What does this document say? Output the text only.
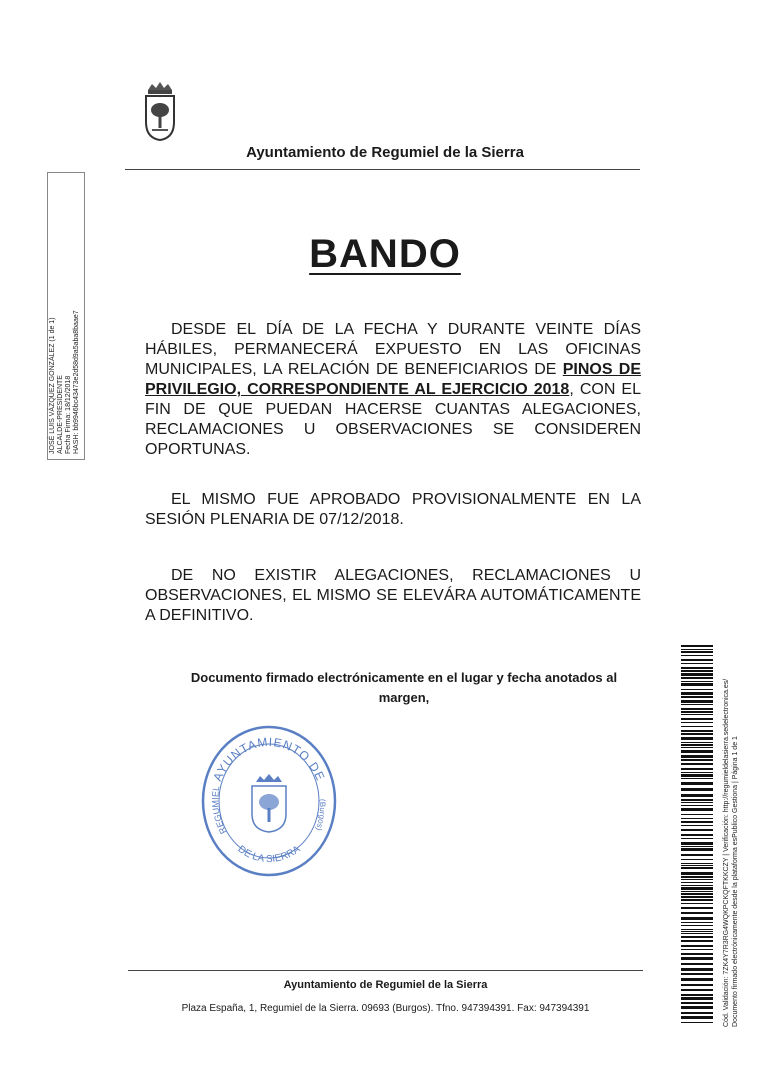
Ayuntamiento de Regumiel de la Sierra
JOSÉ LUIS VÁZQUEZ GONZÁLEZ (1 de 1) ALCALDE-PRESIDENTE Fecha Firma: 18/12/2018 HASH: bb9946bc43473e2d58d9a5aba8baae7
BANDO
DESDE EL DÍA DE LA FECHA Y DURANTE VEINTE DÍAS HÁBILES, PERMANECERÁ EXPUESTO EN LAS OFICINAS MUNICIPALES, LA RELACIÓN DE BENEFICIARIOS DE PINOS DE PRIVILEGIO, CORRESPONDIENTE AL EJERCICIO 2018, CON EL FIN DE QUE PUEDAN HACERSE CUANTAS ALEGACIONES, RECLAMACIONES U OBSERVACIONES SE CONSIDEREN OPORTUNAS.
EL MISMO FUE APROBADO PROVISIONALMENTE EN LA SESIÓN PLENARIA DE 07/12/2018.
DE NO EXISTIR ALEGACIONES, RECLAMACIONES U OBSERVACIONES, EL MISMO SE ELEVÁRA AUTOMÁTICAMENTE A DEFINITIVO.
Documento firmado electrónicamente en el lugar y fecha anotados al margen,
AYUNTAMIENTO DE
REGUMIEL
DE LA SIERRA
(Burgos)
Ayuntamiento de Regumiel de la Sierra
Plaza España, 1, Regumiel de la Sierra. 09693 (Burgos). Tfno. 947394391. Fax: 947394391	Cód. Validación: 7ZK4Y7R3RG4WQKPCKQFTKKCZY | Verificación: http://regumieldelasierra.sedelectronica.es/ Documento firmado electrónicamente desde la plataforma esPublico Gestiona | Página 1 de 1
